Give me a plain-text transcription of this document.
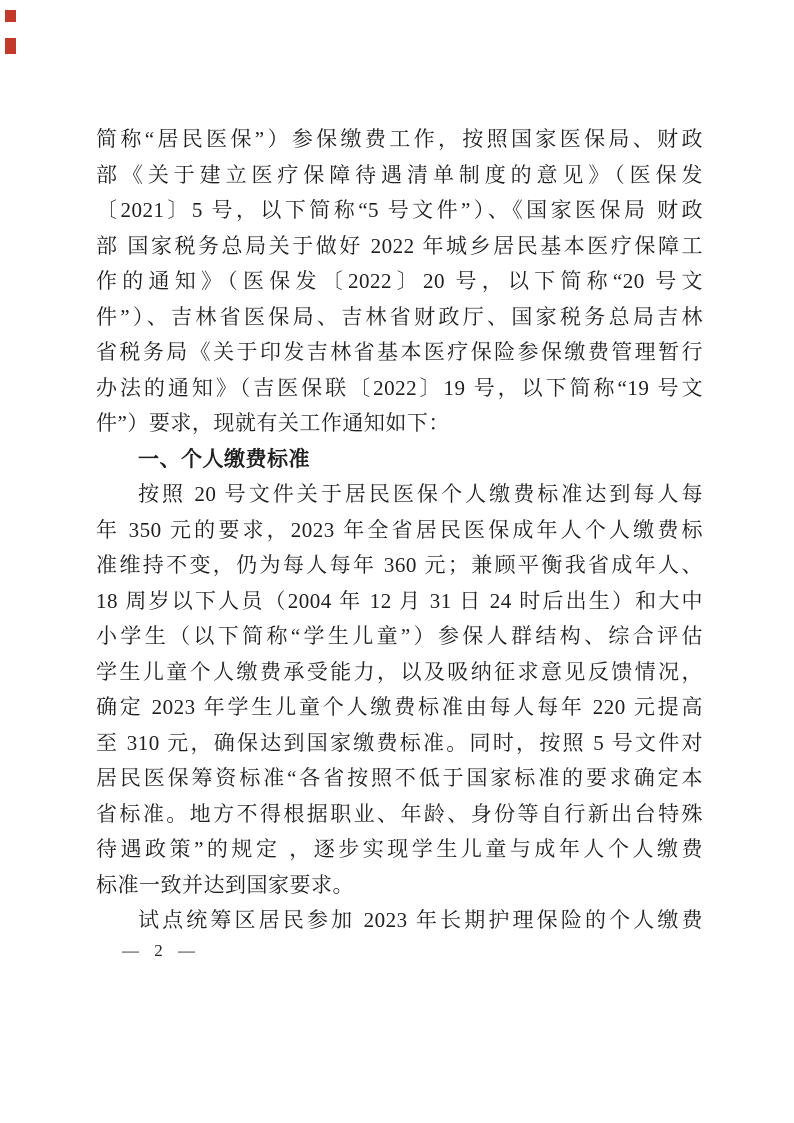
简称“居民医保”）参保缴费工作，按照国家医保局、财政
部《关于建立医疗保障待遇清单制度的意见》（医保发
〔2021〕5 号，以下简称“5 号文件”）、《国家医保局 财政
部 国家税务总局关于做好 2022 年城乡居民基本医疗保障工
作的通知》（医保发〔2022〕20 号，以下简称“20 号文
件”）、吉林省医保局、吉林省财政厅、国家税务总局吉林
省税务局《关于印发吉林省基本医疗保险参保缴费管理暂行
办法的通知》（吉医保联〔2022〕19 号，以下简称“19 号文
件”）要求，现就有关工作通知如下：
一、个人缴费标准
按照 20 号文件关于居民医保个人缴费标准达到每人每
年 350 元的要求，2023 年全省居民医保成年人个人缴费标
准维持不变，仍为每人每年 360 元；兼顾平衡我省成年人、
18 周岁以下人员（2004 年 12 月 31 日 24 时后出生）和大中
小学生（以下简称“学生儿童”）参保人群结构、综合评估
学生儿童个人缴费承受能力，以及吸纳征求意见反馈情况，
确定 2023 年学生儿童个人缴费标准由每人每年 220 元提高
至 310 元，确保达到国家缴费标准。同时，按照 5 号文件对
居民医保筹资标准“各省按照不低于国家标准的要求确定本
省标准。地方不得根据职业、年龄、身份等自行新出台特殊
待遇政策”的规定 ，逐步实现学生儿童与成年人个人缴费
标准一致并达到国家要求。
试点统筹区居民参加 2023 年长期护理保险的个人缴费
— 2 —
